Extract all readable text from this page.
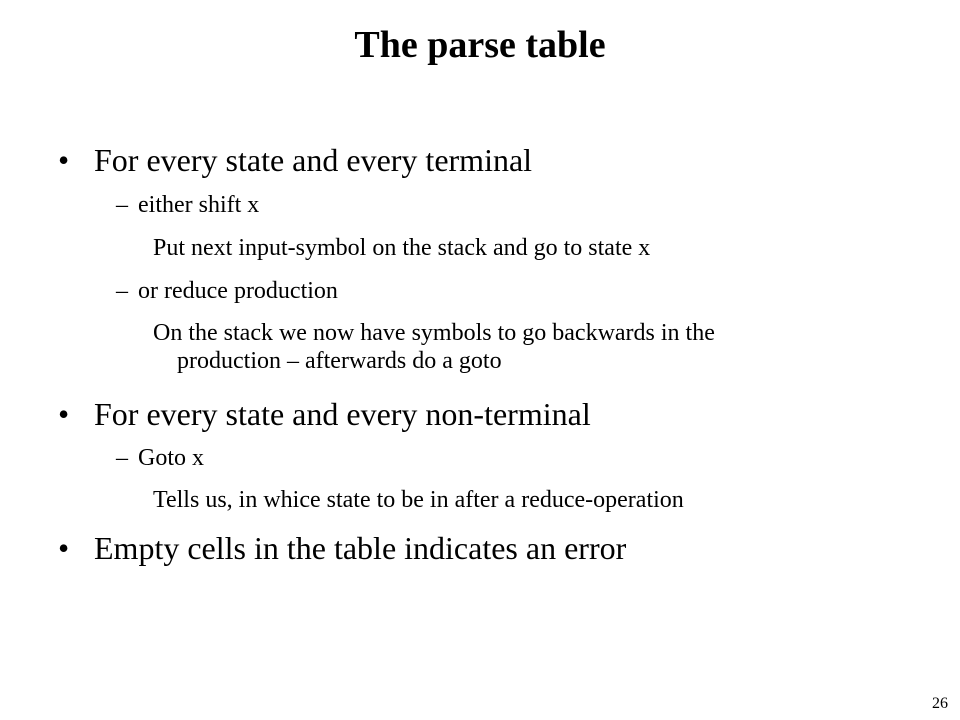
The parse table
• For every state and every terminal
– either shift x
Put next input-symbol on the stack and go to state x
– or reduce production
On the stack we now have symbols to go backwards in the
production – afterwards do a goto
• For every state and every non-terminal
– Goto x
Tells us, in whice state to be in after a reduce-operation
• Empty cells in the table indicates an error
26
